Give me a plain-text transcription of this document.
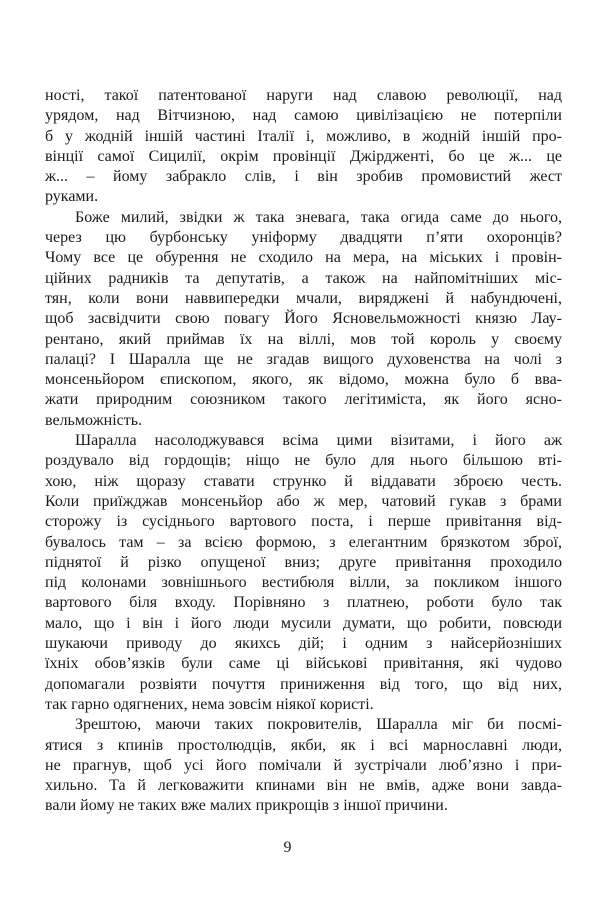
ності, такої патентованої наруги над славою революції, над
урядом, над Вітчизною, над самою цивілізацією не потерпіли
б у жодній іншій частині Італії і, можливо, в жодній іншій про-
вінції самої Сицилії, окрім провінції Джірдженті, бо це ж... це
ж... – йому забракло слів, і він зробив промовистий жест
руками.
Боже милий, звідки ж така зневага, така огида саме до нього,
через цю бурбонську уніформу двадцяти п’яти охоронців?
Чому все це обурення не сходило на мера, на міських і провін-
ційних радників та депутатів, а також на найпомітніших міс-
тян, коли вони наввипередки мчали, виряджені й набундючені,
щоб засвідчити свою повагу Його Ясновельможності князю Лау-
рентано, який приймав їх на віллі, мов той король у своєму
палаці? І Шаралла ще не згадав вищого духовенства на чолі з
монсеньйором єпископом, якого, як відомо, можна було б вва-
жати природним союзником такого легітиміста, як його ясно-
вельможність.
Шаралла насолоджувався всіма цими візитами, і його аж
роздувало від гордощів; ніщо не було для нього більшою вті-
хою, ніж щоразу ставати струнко й віддавати зброєю честь.
Коли приїжджав монсеньйор або ж мер, чатовий гукав з брами
сторожу із сусіднього вартового поста, і перше привітання від-
бувалось там – за всією формою, з елегантним брязкотом зброї,
піднятої й різко опущеної вниз; друге привітання проходило
під колонами зовнішнього вестибюля вілли, за покликом іншого
вартового біля входу. Порівняно з платнею, роботи було так
мало, що і він і його люди мусили думати, що робити, повсюди
шукаючи приводу до якихсь дій; і одним з найсерйозніших
їхніх обов’язків були саме ці військові привітання, які чудово
допомагали розвіяти почуття приниження від того, що від них,
так гарно одягнених, нема зовсім ніякої користі.
Зрештою, маючи таких покровителів, Шаралла міг би посмі-
ятися з кпинів простолюдців, якби, як і всі марнославні люди,
не прагнув, щоб усі його помічали й зустрічали люб’язно і при-
хильно. Та й легковажити кпинами він не вмів, адже вони завда-
вали йому не таких вже малих прикрощів з іншої причини.
9
